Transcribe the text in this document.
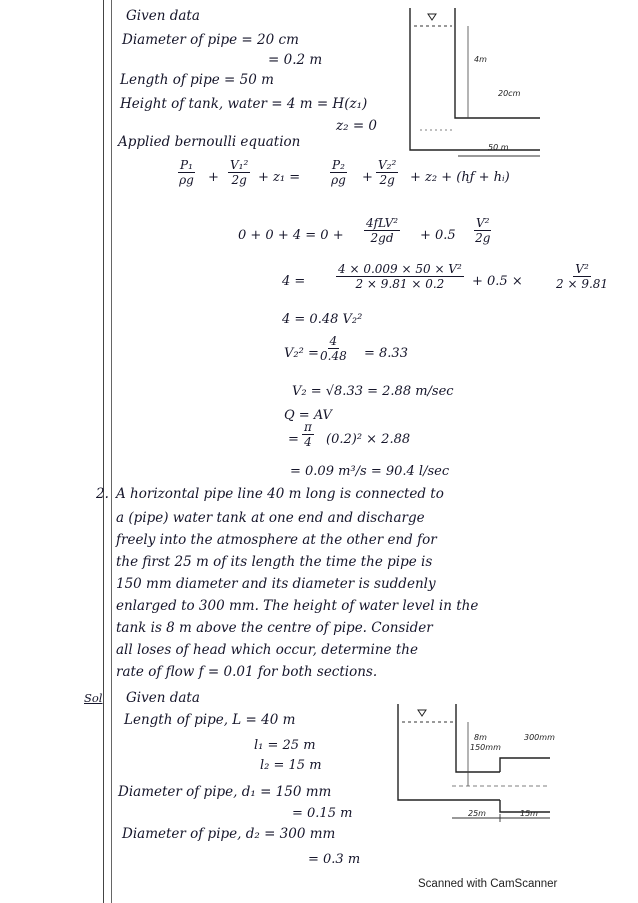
Given data
Diameter of pipe = 20 cm
= 0.2 m
Length of pipe = 50 m
Height of tank, water = 4 m = H(z₁)
z₂ = 0
Applied bernoulli equation
$\frac{\text{P₁}}{\rho g} + \frac{\text{V₁²}}{2g} + z_1 = \frac{\text{P₂}}{\rho g} + \frac{\text{V₂²}}{2g} + z_2$ + (hƒ + hᵢ)
0 + 0 + 4 = 0 +
4fLV²
$2gd + 0.5 \frac{\text{V²}}{2g}$
4 =	$\frac{\text{4 × 0.009 × 50 × V²}}{2 \times 9.81 \times 0.2} + 0.5$ ×	$\frac{\text{V²}}{2 \times 9.81}$
4 = 0.48 V₂²
$V_2^2 = \frac{4}{0.48} = 8.33$
V₂ = √8.33 = 2.88 m/sec
Q = AV
= $\frac{\pi}{4} (0.2)^2 \times 2.88$
= 0.09 m³/s = 90.4 l/sec
2. A horizontal pipe line 40 m long is connected to
a (pipe) water tank at one end and discharge
freely into the atmosphere at the other end for
the first 25 m of its length the time the pipe is
150 mm diameter and its diameter is suddenly
enlarged to 300 mm. The height of water level in the
tank is 8 m above the centre of pipe. Consider
all loses of head which occur, determine the
rate of flow f = 0.01 for both sections.
Sol Given data
Length of pipe, L = 40 m
l₁ = 25 m
l₂ = 15 m
Diameter of pipe, d₁ = 150 mm
= 0.15 m
Diameter of pipe, d₂ = 300 mm
= 0.3 m
4m
20cm
50 m
8m
150mm
300mm
25m	15m
Scanned with CamScanner
